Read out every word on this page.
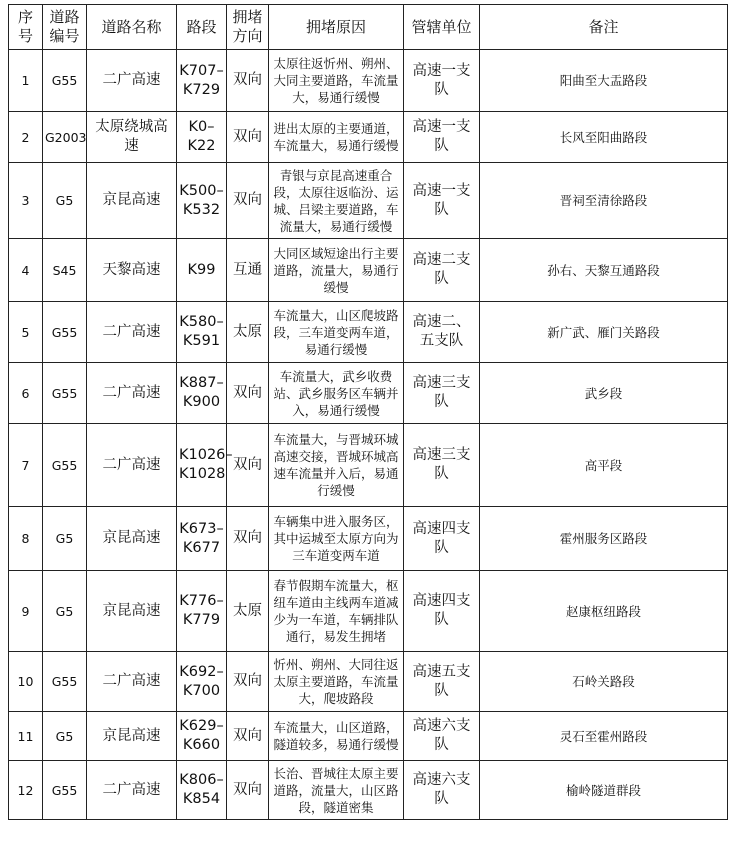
序号	道路编号	道路名称	路段	拥堵方向	拥堵原因	管辖单位	备注
1	G55	二广高速	K707–K729	双向	太原往返忻州、朔州、大同主要道路，车流量大，易通行缓慢	高速一支队	阳曲至大盂路段
2	G2003	太原绕城高速	K0–K22	双向	进出太原的主要通道，车流量大，易通行缓慢	高速一支队	长风至阳曲路段
3	G5	京昆高速	K500–K532	双向	青银与京昆高速重合段，太原往返临汾、运城、吕梁主要道路，车流量大，易通行缓慢	高速一支队	晋祠至清徐路段
4	S45	天黎高速	K99	互通	大同区域短途出行主要道路，流量大，易通行缓慢	高速二支队	孙右、天黎互通路段
5	G55	二广高速	K580–K591	太原	车流量大，山区爬坡路段，三车道变两车道，易通行缓慢	高速二、五支队	新广武、雁门关路段
6	G55	二广高速	K887–K900	双向	车流量大，武乡收费站、武乡服务区车辆并入，易通行缓慢	高速三支队	武乡段
7	G55	二广高速	K1026–K1028	双向	车流量大，与晋城环城高速交接，晋城环城高速车流量并入后，易通行缓慢	高速三支队	高平段
8	G5	京昆高速	K673–K677	双向	车辆集中进入服务区，其中运城至太原方向为三车道变两车道	高速四支队	霍州服务区路段
9	G5	京昆高速	K776–K779	太原	春节假期车流量大，枢纽车道由主线两车道减少为一车道，车辆排队通行，易发生拥堵	高速四支队	赵康枢纽路段
10	G55	二广高速	K692–K700	双向	忻州、朔州、大同往返太原主要道路，车流量大，爬坡路段	高速五支队	石岭关路段
11	G5	京昆高速	K629–K660	双向	车流量大，山区道路，隧道较多，易通行缓慢	高速六支队	灵石至霍州路段
12	G55	二广高速	K806–K854	双向	长治、晋城往太原主要道路，流量大，山区路段，隧道密集	高速六支队	榆岭隧道群段
